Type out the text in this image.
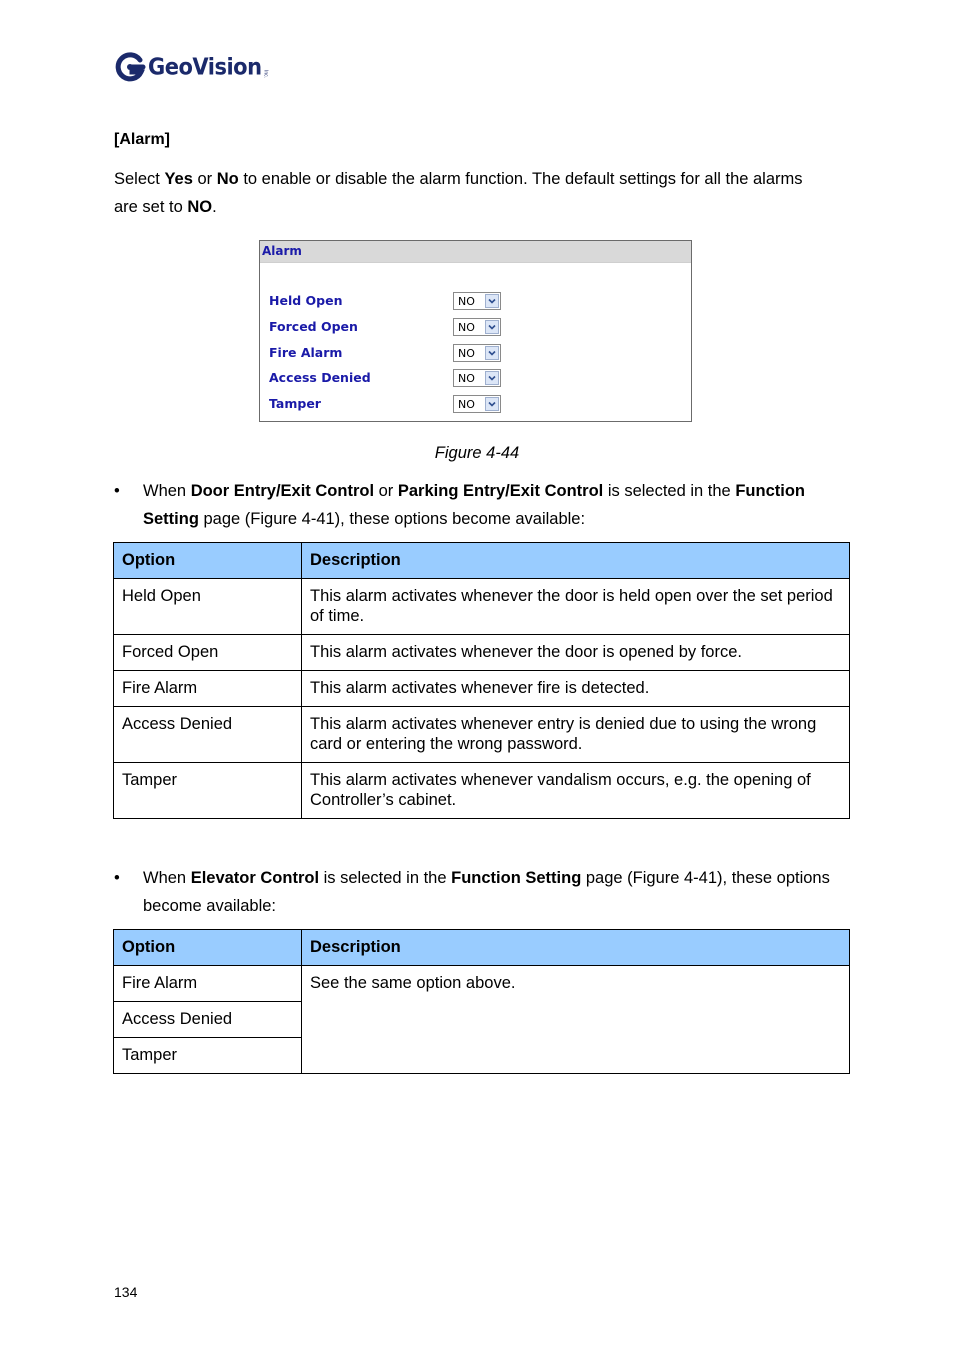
GeoVision Inc.
[Alarm]
Select Yes or No to enable or disable the alarm function. The default settings for all the alarms are set to NO.
Alarm
Held Open	NO
Forced Open	NO
Fire Alarm	NO
Access Denied	NO
Tamper	NO
Figure 4-44
• When Door Entry/Exit Control or Parking Entry/Exit Control is selected in the Function Setting page (Figure 4-41), these options become available:
Option	Description
Held Open	This alarm activates whenever the door is held open over the set period of time.
Forced Open	This alarm activates whenever the door is opened by force.
Fire Alarm	This alarm activates whenever fire is detected.
Access Denied	This alarm activates whenever entry is denied due to using the wrong card or entering the wrong password.
Tamper	This alarm activates whenever vandalism occurs, e.g. the opening of Controller’s cabinet.
• When Elevator Control is selected in the Function Setting page (Figure 4-41), these options become available:
Option	Description
Fire Alarm	See the same option above.
Access Denied	
Tamper	
134
